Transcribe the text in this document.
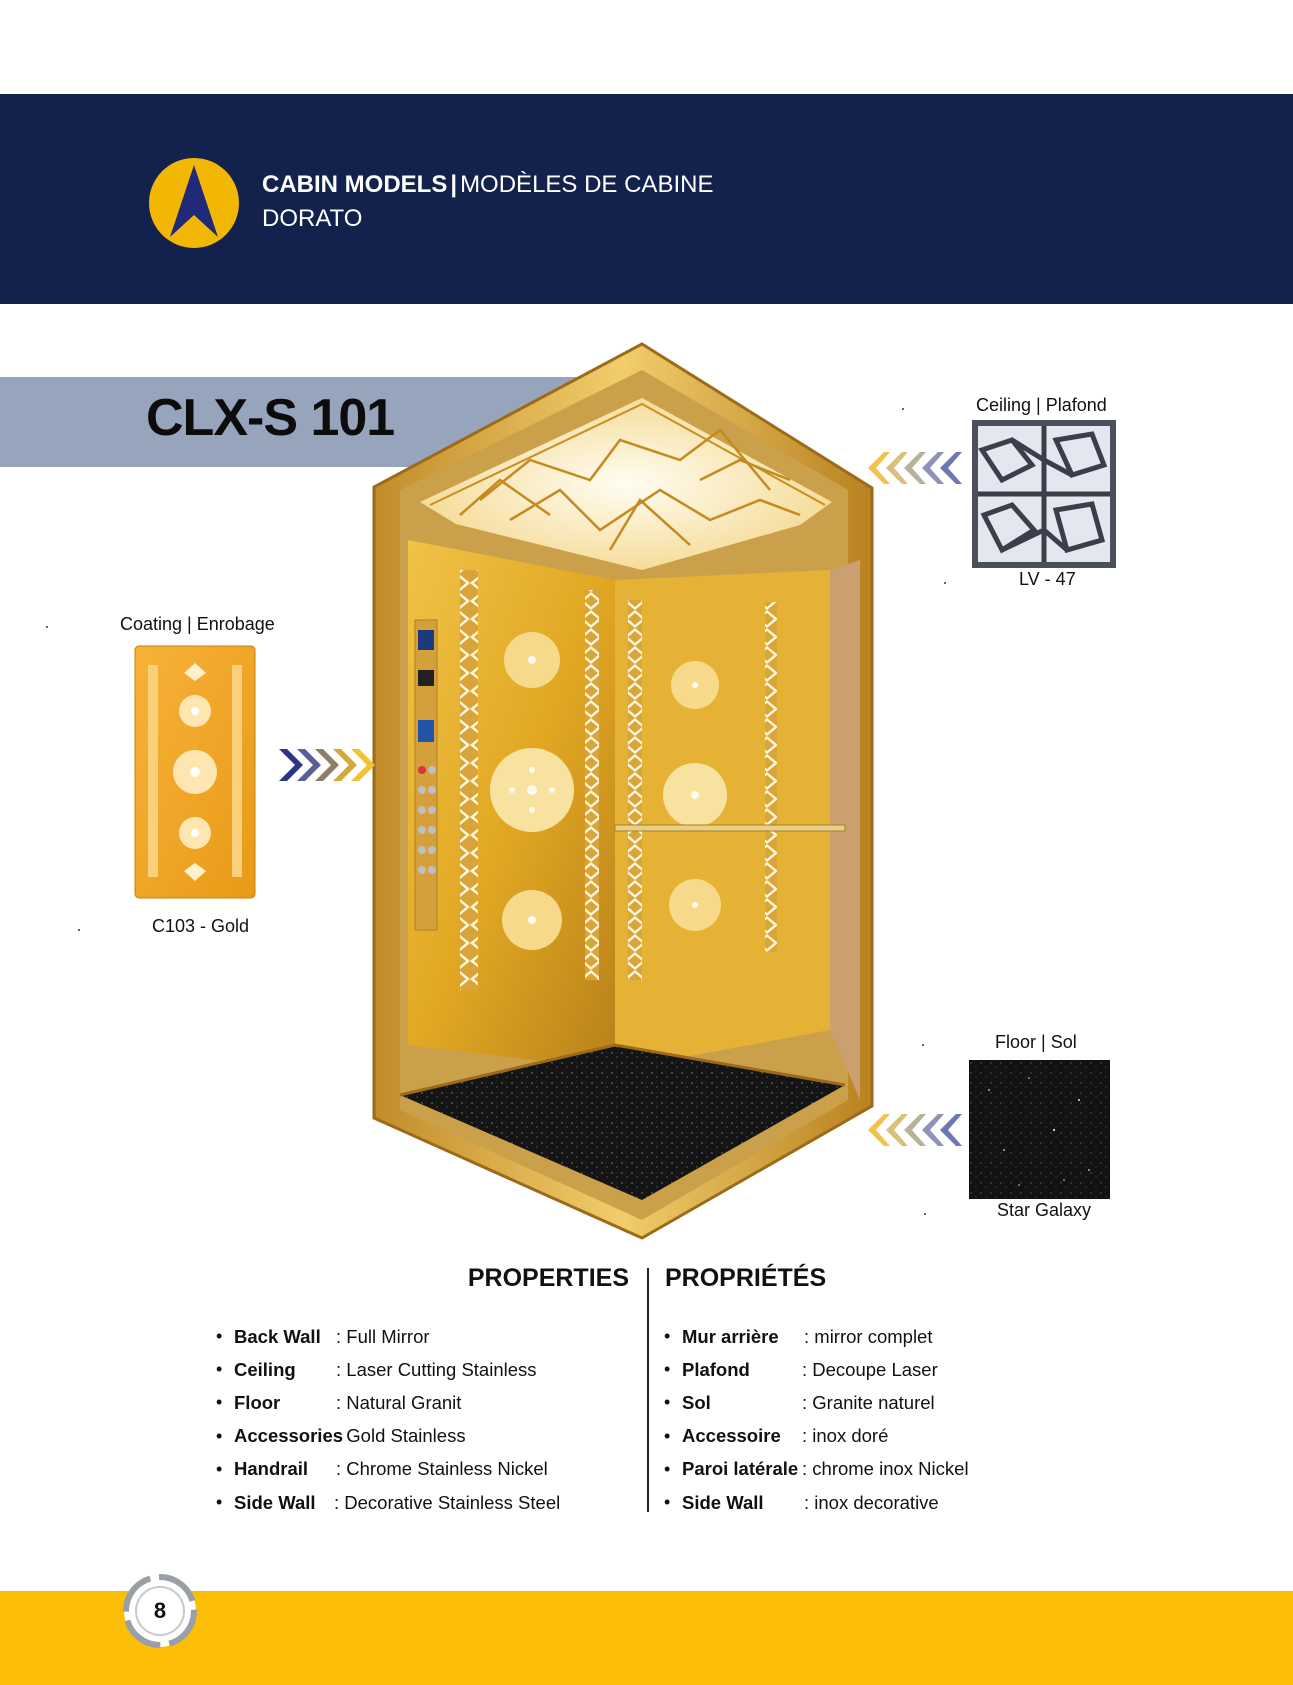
CABIN MODELS | MODÈLES DE CABINE
DORATO
CLX-S 101	Ceiling | Plafond
LV - 47
Coating | Enrobage
C103 - Gold
Floor | Sol
Star Galaxy
PROPERTIES PROPRIÉTÉS
• Back Wall : Full Mirror
• Ceiling	: Laser Cutting Stainless
• Floor	: Natural Granit
• Accessories
: Gold Stainless
• Handrail	: Chrome Stainless Nickel
• Side Wall : Decorative Stainless Steel
• Mur arrière	: mirror complet
• Plafond	: Decoupe Laser
• Sol	: Granite naturel
• Accessoire	: inox doré
• Paroi latérale : chrome inox Nickel
• Side Wall	: inox decorative
8
